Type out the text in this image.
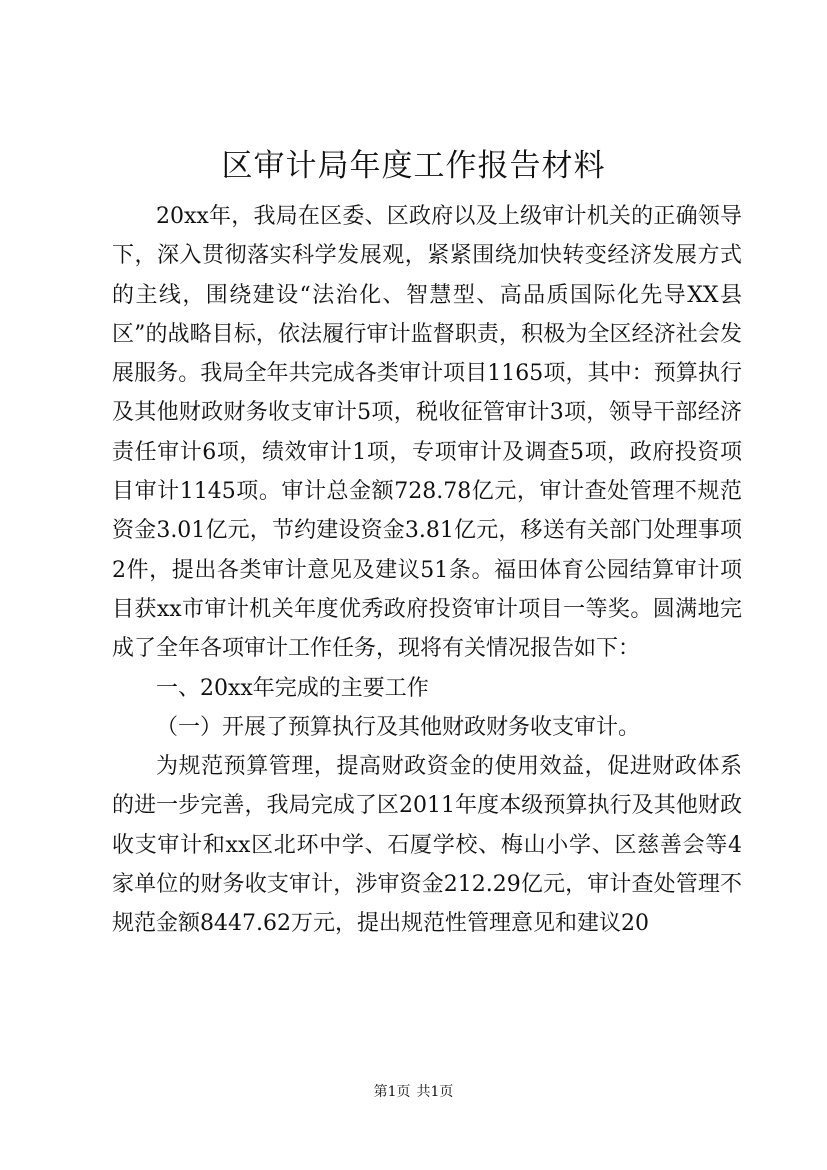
区审计局年度工作报告材料

20xx年，我局在区委、区政府以及上级审计机关的正确领导下，深入贯彻落实科学发展观，紧紧围绕加快转变经济发展方式的主线，围绕建设“法治化、智慧型、高品质国际化先导XX县区”的战略目标，依法履行审计监督职责，积极为全区经济社会发展服务。我局全年共完成各类审计项目1165项，其中：预算执行及其他财政财务收支审计5项，税收征管审计3项，领导干部经济责任审计6项，绩效审计1项，专项审计及调查5项，政府投资项目审计1145项。审计总金额728.78亿元，审计查处管理不规范资金3.01亿元，节约建设资金3.81亿元，移送有关部门处理事项2件，提出各类审计意见及建议51条。福田体育公园结算审计项目获xx市审计机关年度优秀政府投资审计项目一等奖。圆满地完成了全年各项审计工作任务，现将有关情况报告如下：

一、20xx年完成的主要工作

（一）开展了预算执行及其他财政财务收支审计。

为规范预算管理，提高财政资金的使用效益，促进财政体系的进一步完善，我局完成了区2011年度本级预算执行及其他财政收支审计和xx区北环中学、石厦学校、梅山小学、区慈善会等4家单位的财务收支审计，涉审资金212.29亿元，审计查处管理不规范金额8447.62万元，提出规范性管理意见和建议20

第1页 共1页
